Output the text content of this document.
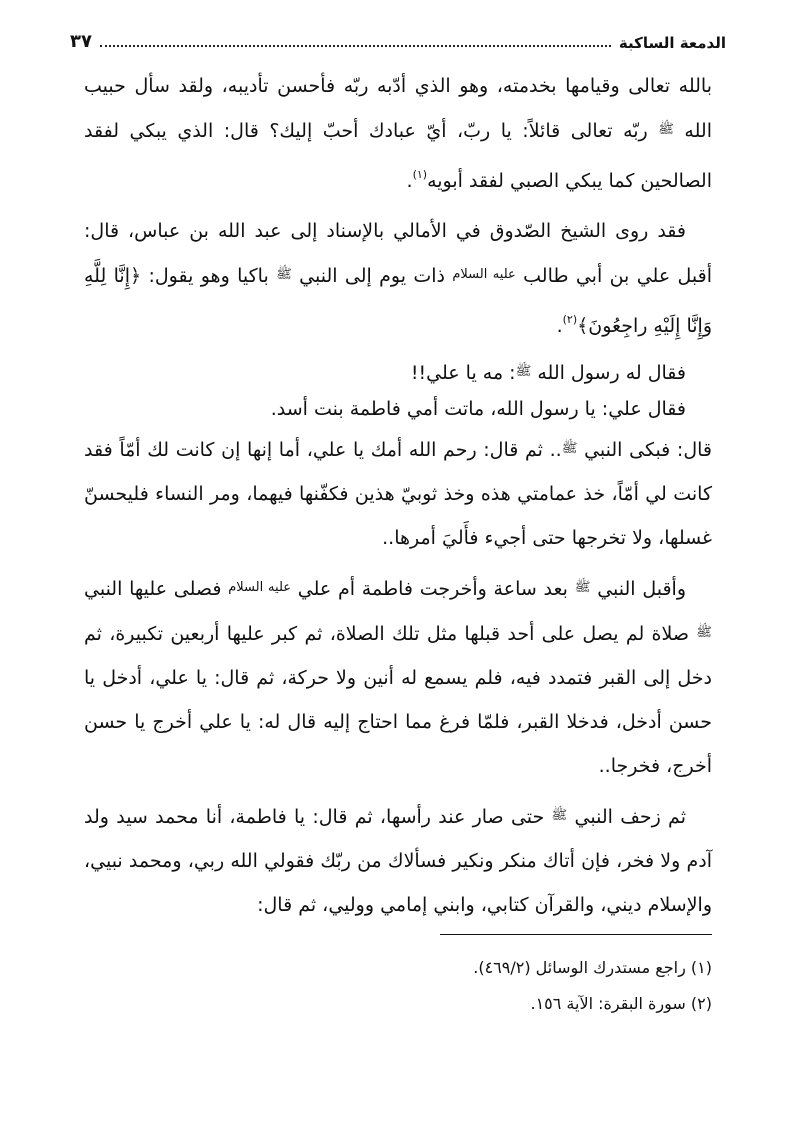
الدمعة الساكبة
٣٧

بالله تعالى وقيامها بخدمته، وهو الذي أدّبه ربّه فأحسن تأديبه، ولقد سأل حبيب الله $^ﷺ$ ربّه تعالى قائلاً: يا ربّ، أيّ عبادك أحبّ إليك؟ قال: الذي يبكي لفقد الصالحين كما يبكي الصبي لفقد أبويه$^{(١)}$.

فقد روى الشيخ الصّدوق في الأمالي بالإسناد إلى عبد الله بن عباس، قال: أقبل علي بن أبي طالب $^{عليه السلام}$ ذات يوم إلى النبي $^ﷺ$ باكيا وهو يقول: ﴿إِنَّا لِلَّهِ وَإِنَّا إِلَيْهِ راجِعُونَ﴾$^{(٢)}$.

فقال له رسول الله $^ﷺ$: مه يا علي!!

فقال علي: يا رسول الله، ماتت أمي فاطمة بنت أسد.

قال: فبكى النبي $^ﷺ$.. ثم قال: رحم الله أمك يا علي، أما إنها إن كانت لك أمّاً فقد كانت لي أمّاً، خذ عمامتي هذه وخذ ثوبيّ هذين فكفّنها فيهما، ومر النساء فليحسنّ غسلها، ولا تخرجها حتى أجيء فأَليَ أمرها..

وأقبل النبي $^ﷺ$ بعد ساعة وأخرجت فاطمة أم علي $^{عليه السلام}$ فصلى عليها النبي $^ﷺ$ صلاة لم يصل على أحد قبلها مثل تلك الصلاة، ثم كبر عليها أربعين تكبيرة، ثم دخل إلى القبر فتمدد فيه، فلم يسمع له أنين ولا حركة، ثم قال: يا علي، أدخل يا حسن أدخل، فدخلا القبر، فلمّا فرغ مما احتاج إليه قال له: يا علي أخرج يا حسن أخرج، فخرجا..

ثم زحف النبي $^ﷺ$ حتى صار عند رأسها، ثم قال: يا فاطمة، أنا محمد سيد ولد آدم ولا فخر، فإن أتاك منكر ونكير فسألاك من ربّك فقولي الله ربي، ومحمد نبيي، والإسلام ديني، والقرآن كتابي، وابني إمامي ووليي، ثم قال:

(١) راجع مستدرك الوسائل (٤٦٩/٢).

(٢) سورة البقرة: الآية ١٥٦.
